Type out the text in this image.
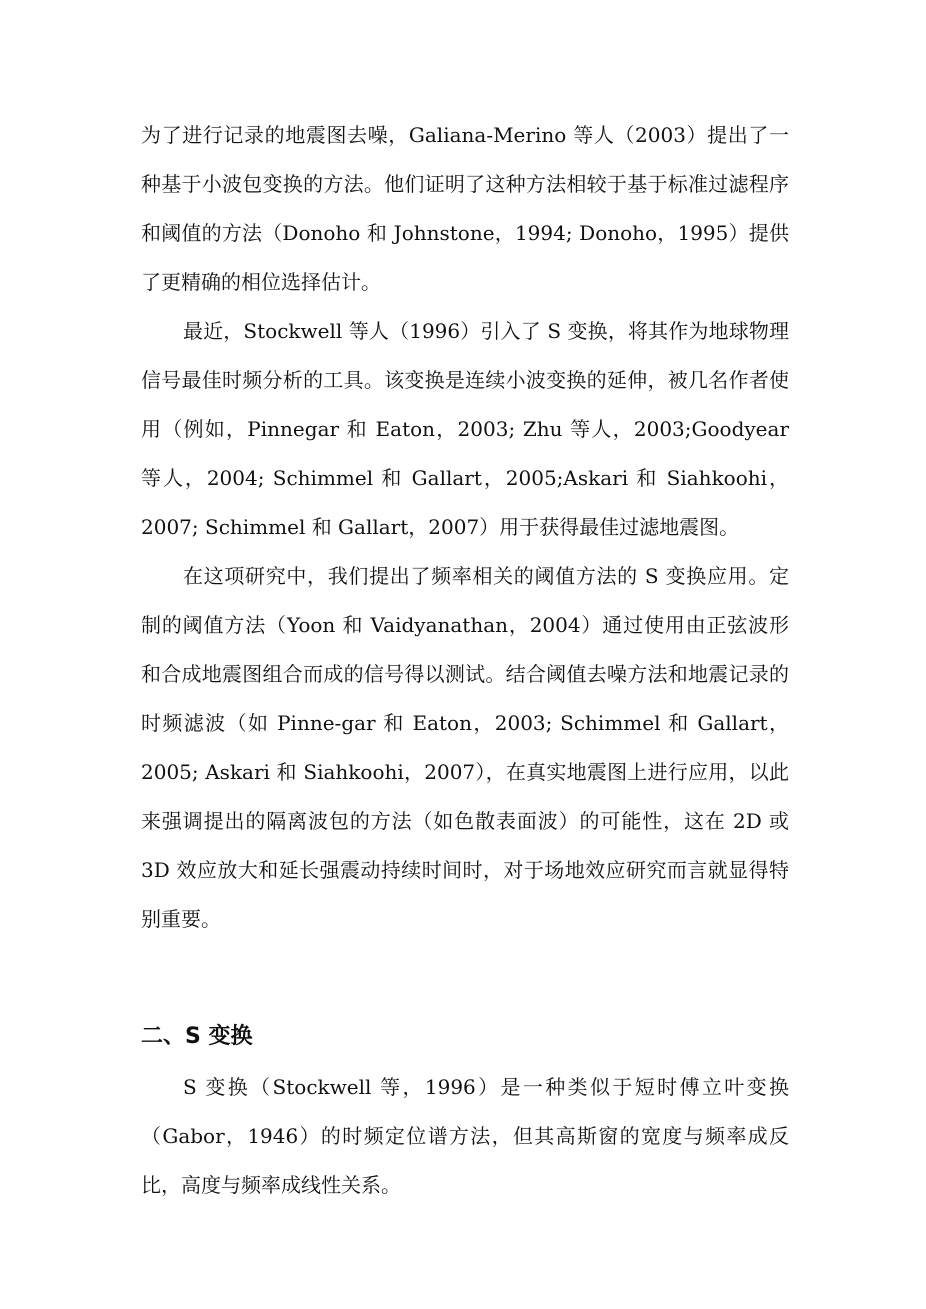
为了进行记录的地震图去噪，Galiana-Merino 等人（2003）提出了一种基于小波包变换的方法。他们证明了这种方法相较于基于标准过滤程序和阈值的方法（Donoho 和 Johnstone，1994; Donoho，1995）提供了更精确的相位选择估计。

最近，Stockwell 等人（1996）引入了 S 变换，将其作为地球物理信号最佳时频分析的工具。该变换是连续小波变换的延伸，被几名作者使用（例如，Pinnegar 和 Eaton，2003; Zhu 等人，2003;Goodyear 等人，2004; Schimmel 和 Gallart，2005;Askari 和 Siahkoohi，2007; Schimmel 和 Gallart，2007）用于获得最佳过滤地震图。

在这项研究中，我们提出了频率相关的阈值方法的 S 变换应用。定制的阈值方法（Yoon 和 Vaidyanathan，2004）通过使用由正弦波形和合成地震图组合而成的信号得以测试。结合阈值去噪方法和地震记录的时频滤波（如 Pinne-gar 和 Eaton，2003; Schimmel 和 Gallart，2005; Askari 和 Siahkoohi，2007），在真实地震图上进行应用，以此来强调提出的隔离波包的方法（如色散表面波）的可能性，这在 2D 或 3D 效应放大和延长强震动持续时间时，对于场地效应研究而言就显得特别重要。

二、S 变换

S 变换（Stockwell 等，1996）是一种类似于短时傅立叶变换（Gabor，1946）的时频定位谱方法，但其高斯窗的宽度与频率成反比，高度与频率成线性关系。
